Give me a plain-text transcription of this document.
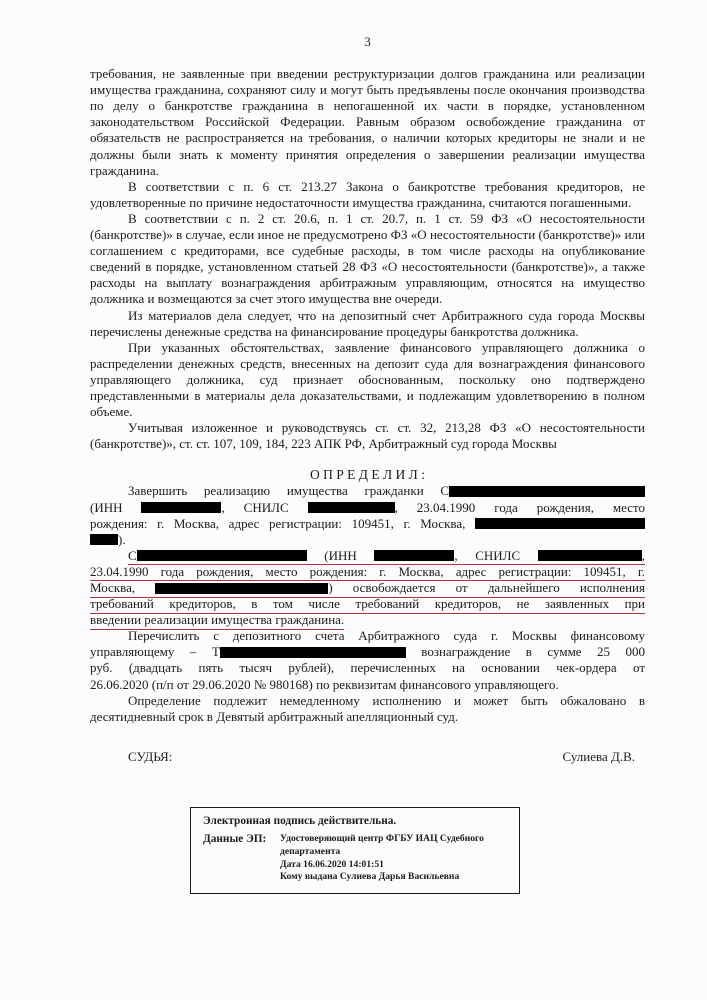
3

требования, не заявленные при введении реструктуризации долгов гражданина или реализации имущества гражданина, сохраняют силу и могут быть предъявлены после окончания производства по делу о банкротстве гражданина в непогашенной их части в порядке, установленном законодательством Российской Федерации. Равным образом освобождение гражданина от обязательств не распространяется на требования, о наличии которых кредиторы не знали и не должны были знать к моменту принятия определения о завершении реализации имущества гражданина.

В соответствии с п. 6 ст. 213.27 Закона о банкротстве требования кредиторов, не удовлетворенные по причине недостаточности имущества гражданина, считаются погашенными.

В соответствии с п. 2 ст. 20.6, п. 1 ст. 20.7, п. 1 ст. 59 ФЗ «О несостоятельности (банкротстве)» в случае, если иное не предусмотрено ФЗ «О несостоятельности (банкротстве)» или соглашением с кредиторами, все судебные расходы, в том числе расходы на опубликование сведений в порядке, установленном статьей 28 ФЗ «О несостоятельности (банкротстве)», а также расходы на выплату вознаграждения арбитражным управляющим, относятся на имущество должника и возмещаются за счет этого имущества вне очереди.

Из материалов дела следует, что на депозитный счет Арбитражного суда города Москвы перечислены денежные средства на финансирование процедуры банкротства должника.

При указанных обстоятельствах, заявление финансового управляющего должника о распределении денежных средств, внесенных на депозит суда для вознаграждения финансового управляющего должника, суд признает обоснованным, поскольку оно подтверждено представленными в материалы дела доказательствами, и подлежащим удовлетворению в полном объеме.

Учитывая изложенное и руководствуясь ст. ст. 32, 213,28 ФЗ «О несостоятельности (банкротстве)», ст. ст. 107, 109, 184, 223 АПК РФ, Арбитражный суд города Москвы

О П Р Е Д Е Л И Л :
Завершить реализацию имущества гражданки С
(ИНН	, СНИЛС	, 23.04.1990 года рождения, место
рождения: г. Москва, адрес регистрации: 109451, г. Москва,
).
С	(ИНН	, СНИЛС	,
23.04.1990 года рождения, место рождения: г. Москва, адрес регистрации: 109451, г.
Москва,	) освобождается от дальнейшего исполнения
требований кредиторов, в том числе требований кредиторов, не заявленных при
введении реализации имущества гражданина.
Перечислить с депозитного счета Арбитражного суда г. Москвы финансовому
управляющему – Т	вознаграждение в сумме 25 000
руб. (двадцать пять тысяч рублей), перечисленных на основании чек-ордера от
26.06.2020 (п/п от 29.06.2020 № 980168) по реквизитам финансового управляющего.

Определение подлежит немедленному исполнению и может быть обжаловано в десятидневный срок в Девятый арбитражный апелляционный суд.

СУДЬЯ:	Сулиева Д.В.
Электронная подпись действительна.
Данные ЭП: Удостоверяющий центр ФГБУ ИАЦ Судебного департамента
Дата 16.06.2020 14:01:51
Кому выдана Сулиева Дарья Васильевна
